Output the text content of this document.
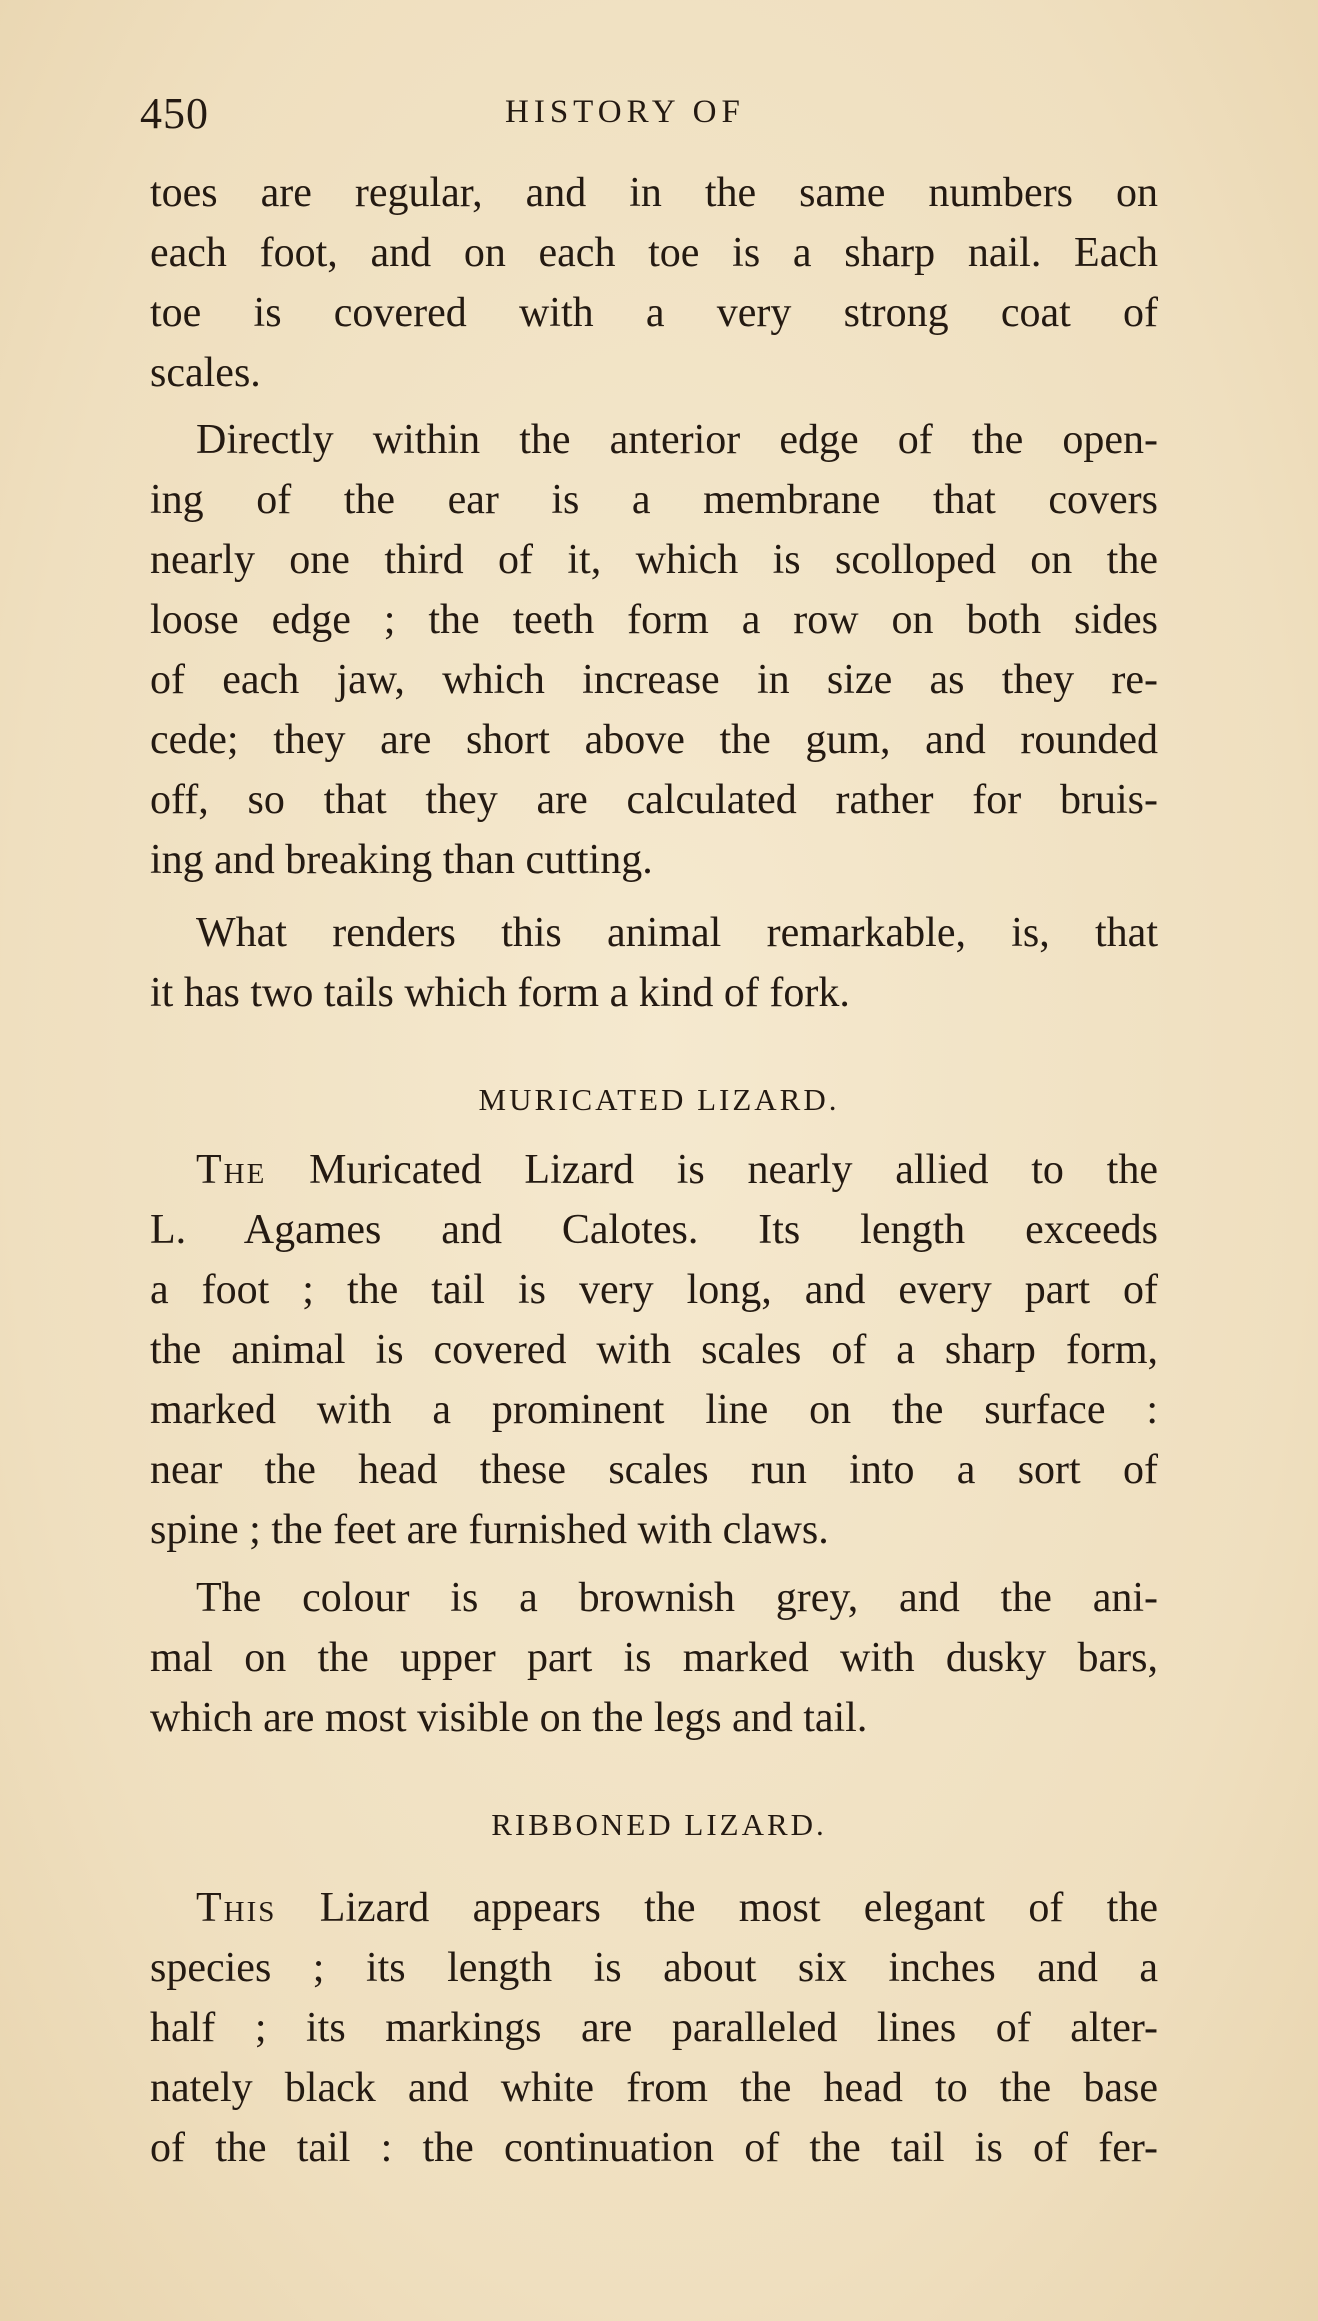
450	HISTORY OF
toes are regular, and in the same numbers on
each foot, and on each toe is a sharp nail. Each
toe is covered with a very strong coat of
scales.
Directly within the anterior edge of the open-
ing of the ear is a membrane that covers
nearly one third of it, which is scolloped on the
loose edge ; the teeth form a row on both sides
of each jaw, which increase in size as they re-
cede; they are short above the gum, and rounded
off, so that they are calculated rather for bruis-
ing and breaking than cutting.
What renders this animal remarkable, is, that
it has two tails which form a kind of fork.
MURICATED LIZARD.
The Muricated Lizard is nearly allied to the
L. Agames and Calotes. Its length exceeds
a foot ; the tail is very long, and every part of
the animal is covered with scales of a sharp form,
marked with a prominent line on the surface :
near the head these scales run into a sort of
spine ; the feet are furnished with claws.
The colour is a brownish grey, and the ani-
mal on the upper part is marked with dusky bars,
which are most visible on the legs and tail.
RIBBONED LIZARD.
This Lizard appears the most elegant of the
species ; its length is about six inches and a
half ; its markings are paralleled lines of alter-
nately black and white from the head to the base
of the tail : the continuation of the tail is of fer-
